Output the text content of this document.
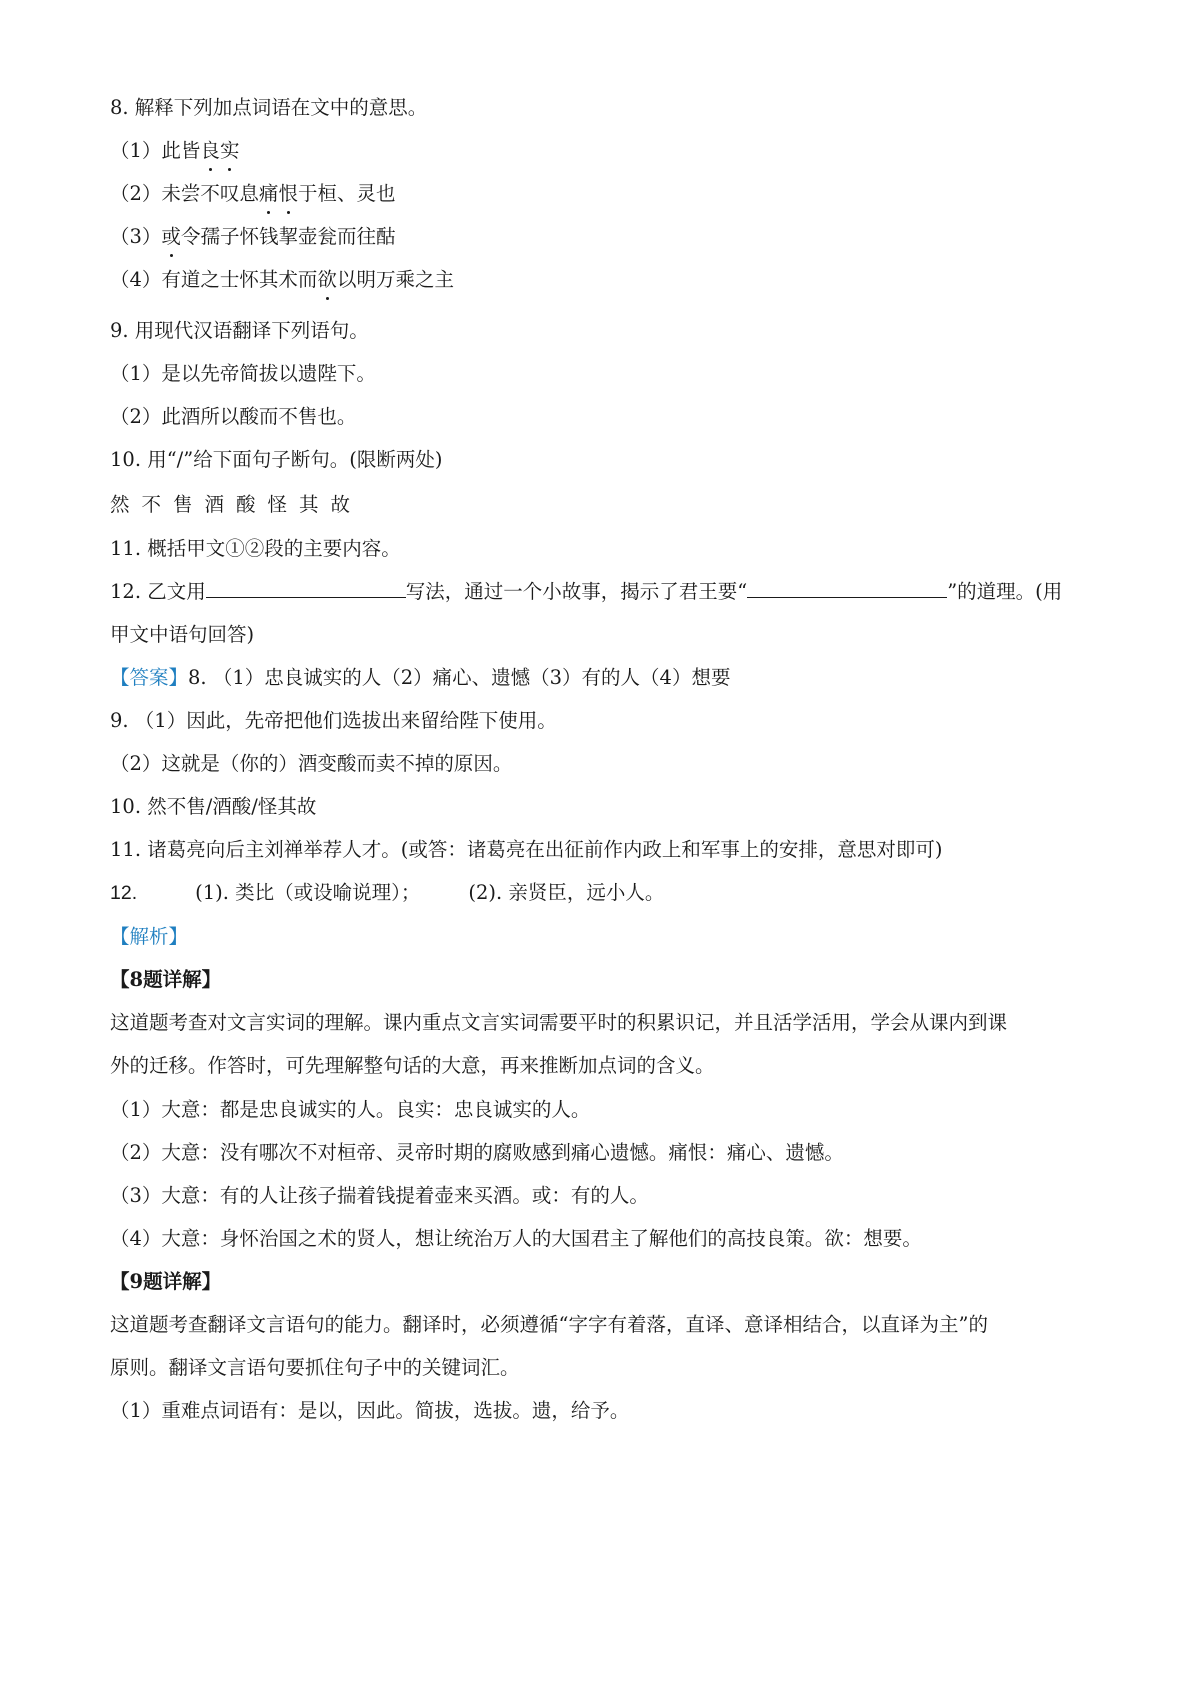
8. 解释下列加点词语在文中的意思。
（1）此皆良实
（2）未尝不叹息痛恨于桓、灵也
（3）或令孺子怀钱挈壶瓮而往酤
（4）有道之士怀其术而欲以明万乘之主
9. 用现代汉语翻译下列语句。
（1）是以先帝简拔以遗陛下。
（2）此酒所以酸而不售也。
10. 用“/”给下面句子断句。(限断两处)
然不售酒酸怪其故
11. 概括甲文①②段的主要内容。
12. 乙文用	写法，通过一个小故事，揭示了君王要“	”的道理。(用
甲文中语句回答)
【答案】8. （1）忠良诚实的人（2）痛心、遗憾（3）有的人（4）想要
9. （1）因此，先帝把他们选拔出来留给陛下使用。
（2）这就是（你的）酒变酸而卖不掉的原因。
10. 然不售/酒酸/怪其故
11. 诸葛亮向后主刘禅举荐人才。(或答：诸葛亮在出征前作内政上和军事上的安排，意思对即可)
12.	(1). 类比（或设喻说理）； (2). 亲贤臣，远小人。
【解析】
【8题详解】
这道题考查对文言实词的理解。课内重点文言实词需要平时的积累识记，并且活学活用，学会从课内到课
外的迁移。作答时，可先理解整句话的大意，再来推断加点词的含义。
（1）大意：都是忠良诚实的人。良实：忠良诚实的人。
（2）大意：没有哪次不对桓帝、灵帝时期的腐败感到痛心遗憾。痛恨：痛心、遗憾。
（3）大意：有的人让孩子揣着钱提着壶来买酒。或：有的人。
（4）大意：身怀治国之术的贤人，想让统治万人的大国君主了解他们的高技良策。欲：想要。
【9题详解】
这道题考查翻译文言语句的能力。翻译时，必须遵循“字字有着落，直译、意译相结合，以直译为主”的
原则。翻译文言语句要抓住句子中的关键词汇。
（1）重难点词语有：是以，因此。简拔，选拔。遗，给予。
